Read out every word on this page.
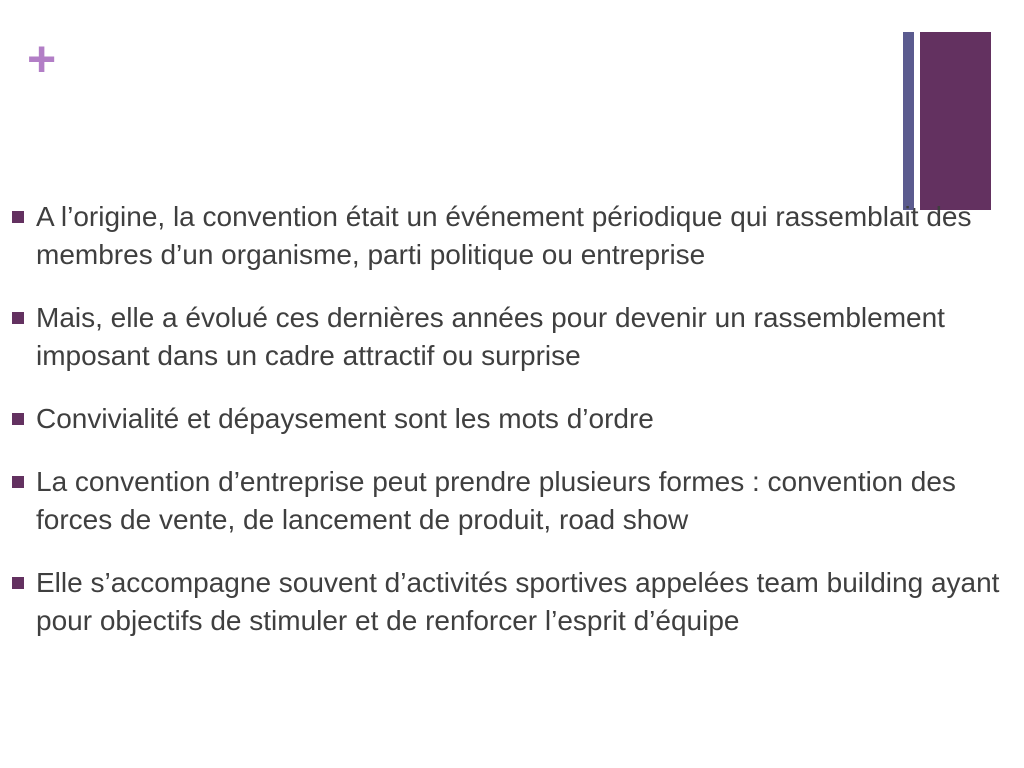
+
A l’origine, la convention était un événement périodique qui rassemblait des membres d’un organisme, parti politique ou entreprise
Mais, elle a évolué ces dernières années pour devenir un rassemblement imposant dans un cadre attractif ou surprise
Convivialité et dépaysement sont les mots d’ordre
La convention d’entreprise peut prendre plusieurs formes : convention des forces de vente, de lancement de produit, road show
Elle s’accompagne souvent d’activités sportives appelées team building ayant pour objectifs de stimuler et de renforcer l’esprit d’équipe
